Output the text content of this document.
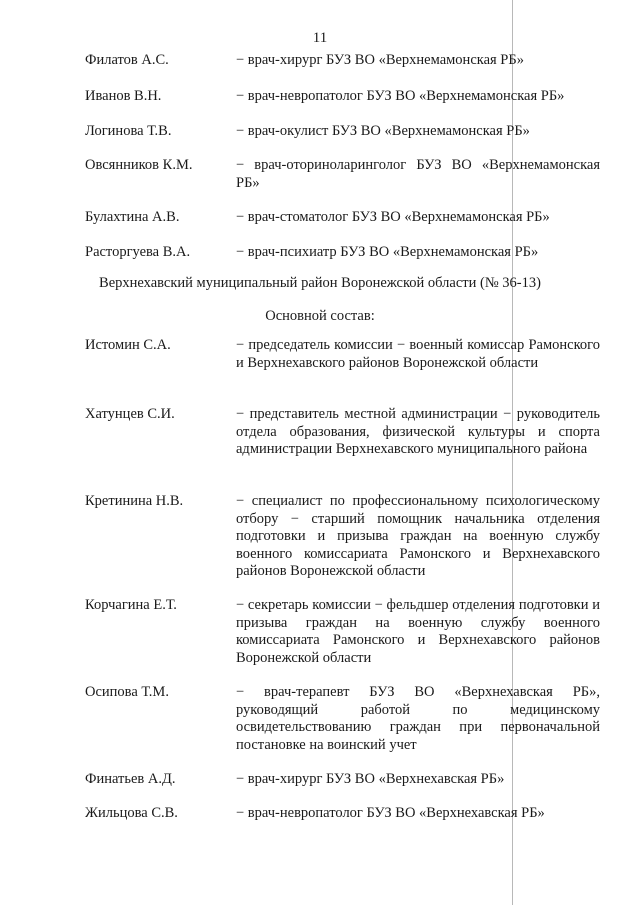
11
Филатов А.С.	− врач-хирург БУЗ ВО «Верхнемамонская РБ»
Иванов В.Н.	− врач-невропатолог БУЗ ВО «Верхнемамонская РБ»
Логинова Т.В.	− врач-окулист БУЗ ВО «Верхнемамонская РБ»
Овсянников К.М.	− врач-оториноларинголог БУЗ ВО «Верхнемамонская РБ»
Булахтина А.В.	− врач-стоматолог БУЗ ВО «Верхнемамонская РБ»
Расторгуева В.А.	− врач-психиатр БУЗ ВО «Верхнемамонская РБ»
Верхнехавский муниципальный район Воронежской области (№ 36-13)
Основной состав:
Истомин С.А.	− председатель комиссии − военный комиссар Рамонского и Верхнехавского районов Воронежской области
Хатунцев С.И.	− представитель местной администрации − руководитель отдела образования, физической культуры и спорта администрации Верхнехавского муниципального района
Кретинина Н.В.	− специалист по профессиональному психологическому отбору − старший помощник начальника отделения подготовки и призыва граждан на военную службу военного комиссариата Рамонского и Верхнехавского районов Воронежской области
Корчагина Е.Т.	− секретарь комиссии − фельдшер отделения подготовки и призыва граждан на военную службу военного комиссариата Рамонского и Верхнехавского районов Воронежской области
Осипова Т.М.	− врач-терапевт БУЗ ВО «Верхнехавская РБ», руководящий работой по медицинскому освидетельствованию граждан при первоначальной постановке на воинский учет
Финатьев А.Д.	− врач-хирург БУЗ ВО «Верхнехавская РБ»
Жильцова С.В.	− врач-невропатолог БУЗ ВО «Верхнехавская РБ»
